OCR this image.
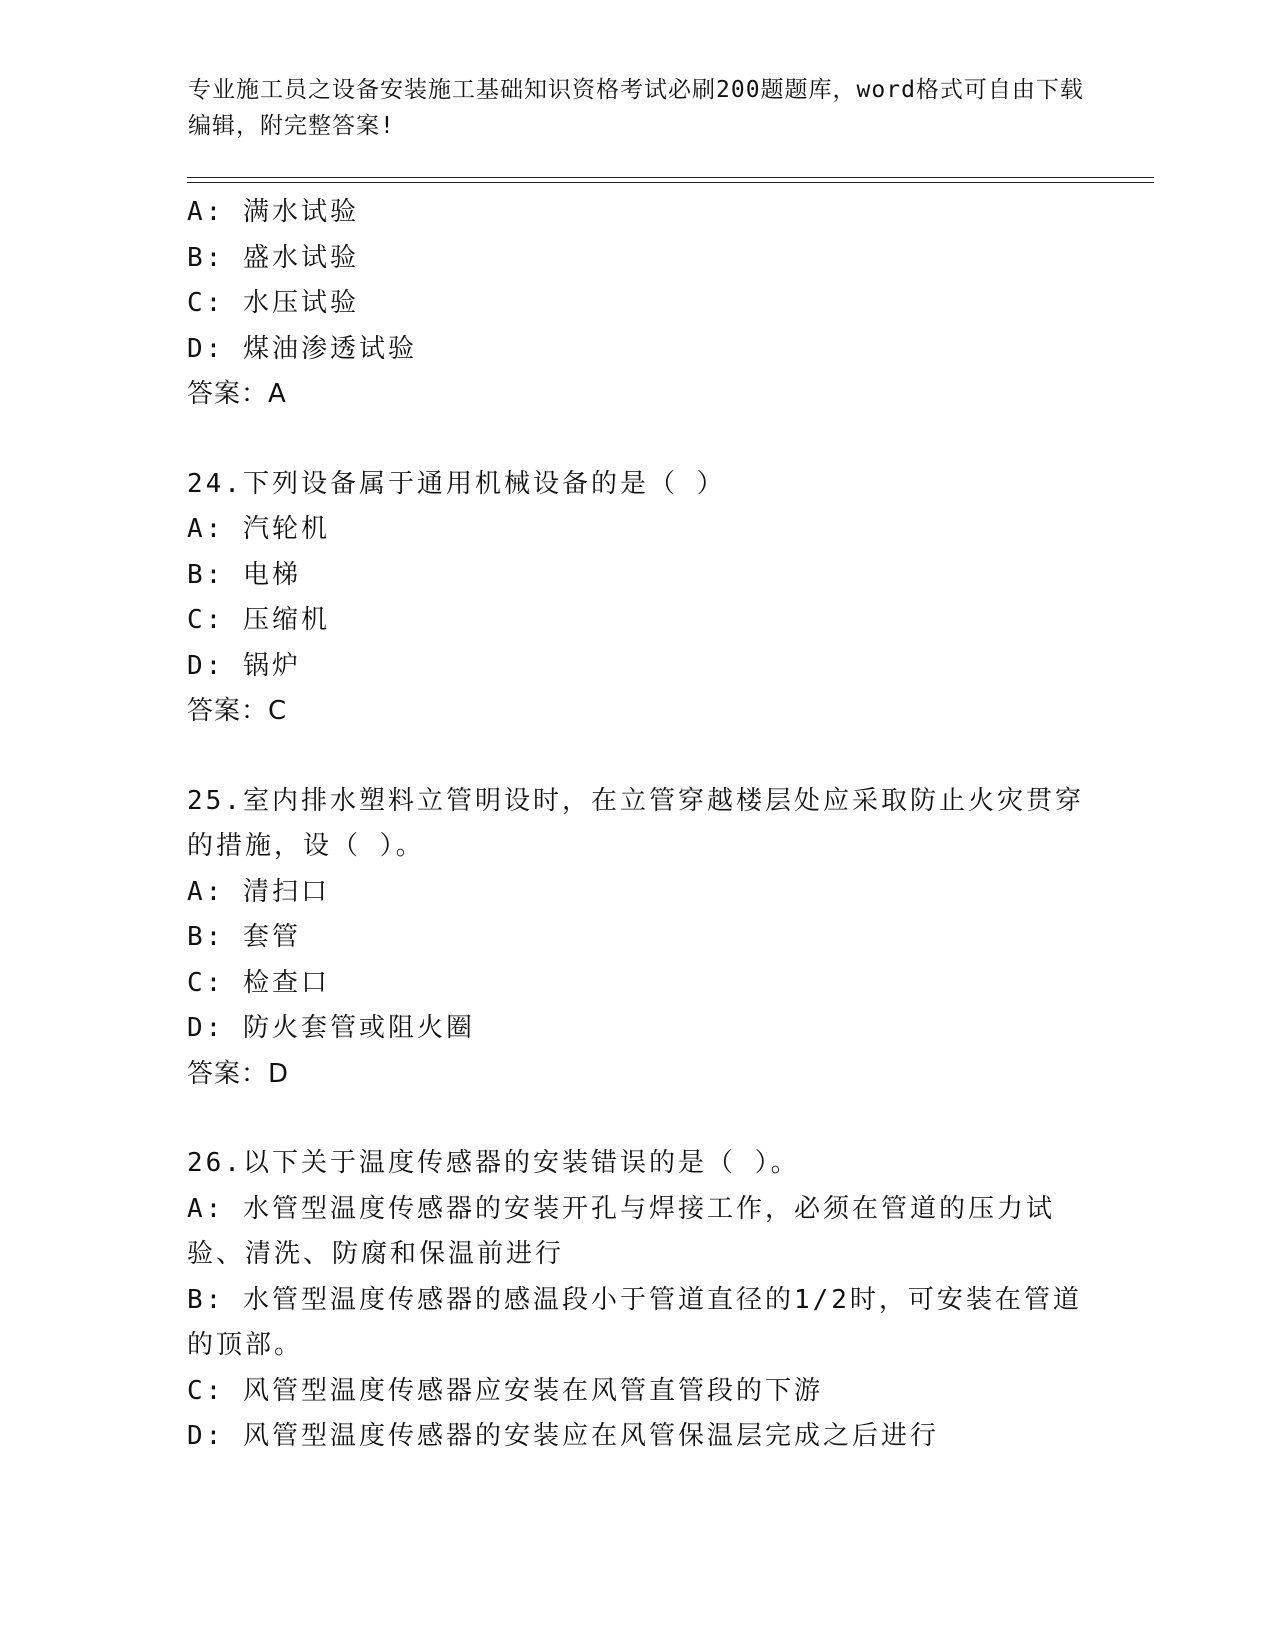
专业施工员之设备安装施工基础知识资格考试必刷200题题库，word格式可自由下载编辑，附完整答案!
A: 满水试验
B: 盛水试验
C: 水压试验
D: 煤油渗透试验
答案：A
24.下列设备属于通用机械设备的是（ ）
A: 汽轮机
B: 电梯
C: 压缩机
D: 锅炉
答案：C
25.室内排水塑料立管明设时，在立管穿越楼层处应采取防止火灾贯穿的措施，设（ ）。
A: 清扫口
B: 套管
C: 检查口
D: 防火套管或阻火圈
答案：D
26.以下关于温度传感器的安装错误的是（ ）。
A: 水管型温度传感器的安装开孔与焊接工作，必须在管道的压力试验、清洗、防腐和保温前进行
B: 水管型温度传感器的感温段小于管道直径的1/2时，可安装在管道的顶部。
C: 风管型温度传感器应安装在风管直管段的下游
D: 风管型温度传感器的安装应在风管保温层完成之后进行
